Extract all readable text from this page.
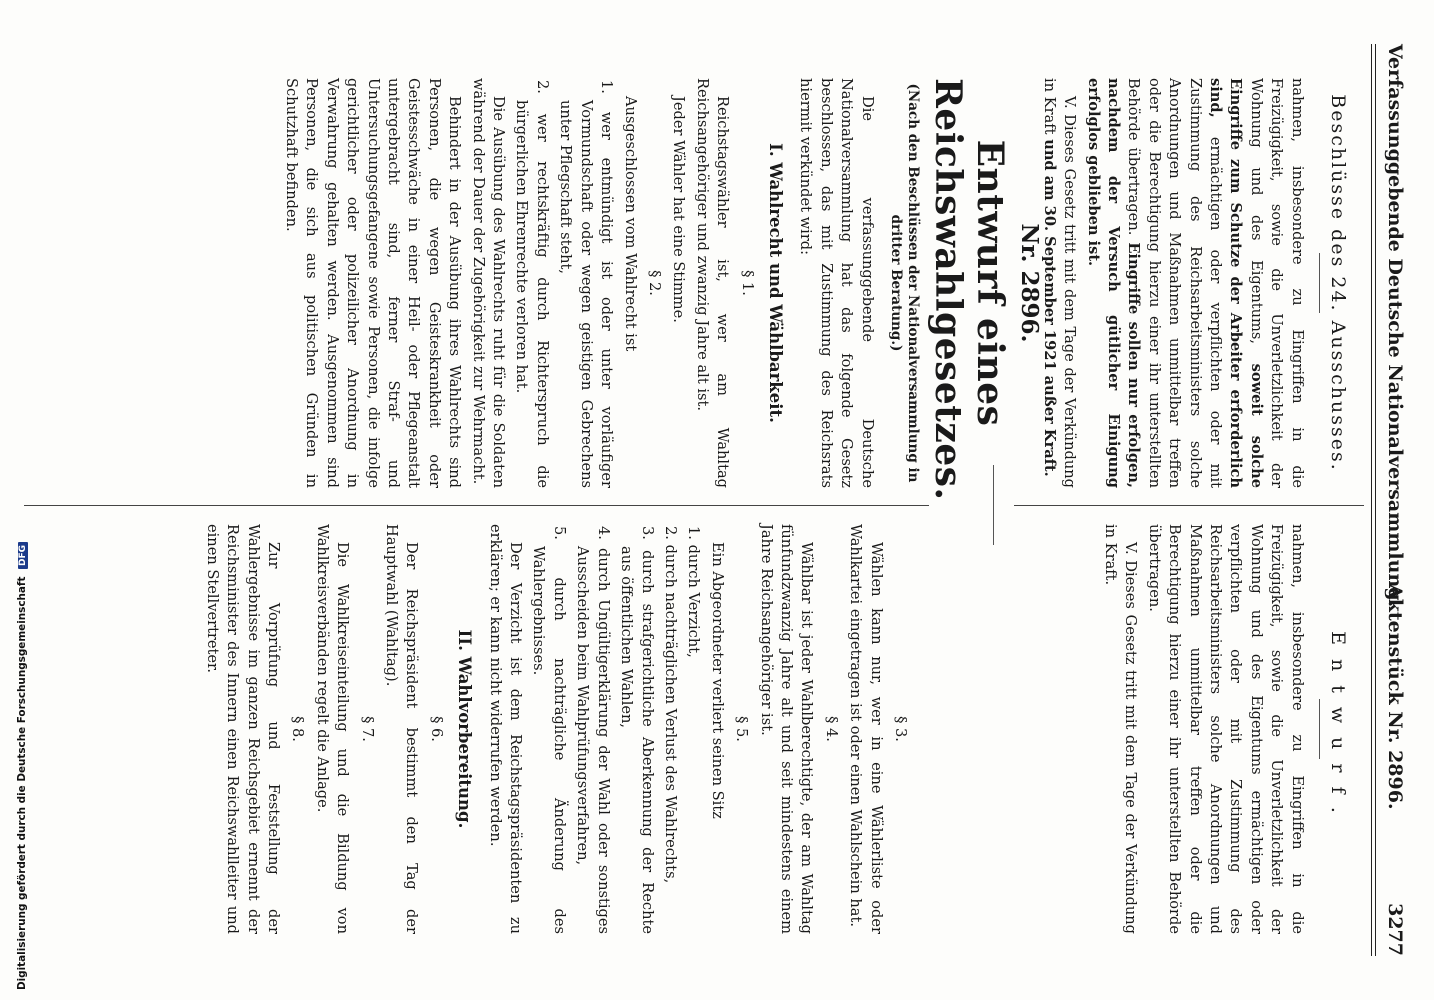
Verfassunggebende Deutsche Nationalversammlung.
Aktenstück Nr. 2896.
3277

Beschlüsse des 24. Ausschusses.

nahmen, insbesondere zu Eingriffen in die Freizügigkeit, sowie die Unverletzlichkeit der Wohnung und des Eigentums, soweit solche Eingriffe zum Schutze der Arbeiter erforderlich sind, ermächtigen oder verpflichten oder mit Zustimmung des Reichsarbeitsministers solche Anordnungen und Maßnahmen unmittelbar treffen oder die Berechtigung hierzu einer ihr unterstellten Behörde übertragen. Eingriffe sollen nur erfolgen, nachdem der Versuch gütlicher Einigung erfolglos geblieben ist.

V. Dieses Gesetz tritt mit dem Tage der Verkündung in Kraft und am 30. September 1921 außer Kraft.

Entwurf.

nahmen, insbesondere zu Eingriffen in die Freizügigkeit, sowie die Unverletzlichkeit der Wohnung und des Eigentums ermächtigen oder verpflichten oder mit Zustimmung des Reichsarbeitsministers solche Anordnungen und Maßnahmen unmittelbar treffen oder die Berechtigung hierzu einer ihr unterstellten Behörde übertragen.

V. Dieses Gesetz tritt mit dem Tage der Verkündung in Kraft.

Nr. 2896.

Entwurf eines Reichswahlgesetzes.

(Nach den Beschlüssen der Nationalversammlung in dritter Beratung.)

Die verfassunggebende Deutsche Nationalversammlung hat das folgende Gesetz beschlossen, das mit Zustimmung des Reichsrats hiermit verkündet wird:

I. Wahlrecht und Wählbarkeit.

§ 1.

Reichstagswähler ist, wer am Wahltag Reichsangehöriger und zwanzig Jahre alt ist.

Jeder Wähler hat eine Stimme.

§ 2.

Ausgeschlossen vom Wahlrecht ist

1. wer entmündigt ist oder unter vorläufiger Vormundschaft oder wegen geistigen Gebrechens unter Pflegschaft steht,

2. wer rechtskräftig durch Richterspruch die bürgerlichen Ehrenrechte verloren hat.

Die Ausübung des Wahlrechts ruht für die Soldaten während der Dauer der Zugehörigkeit zur Wehrmacht.

Behindert in der Ausübung ihres Wahlrechts sind Personen, die wegen Geisteskrankheit oder Geistesschwäche in einer Heil- oder Pflegeanstalt untergebracht sind, ferner Straf- und Untersuchungsgefangene sowie Personen, die infolge gerichtlicher oder polizeilicher Anordnung in Verwahrung gehalten werden. Ausgenommen sind Personen, die sich aus politischen Gründen in Schutzhaft befinden.

§ 3.

Wählen kann nur, wer in eine Wählerliste oder Wahlkartei eingetragen ist oder einen Wahlschein hat.

§ 4.

Wählbar ist jeder Wahlberechtigte, der am Wahltag fünfundzwanzig Jahre alt und seit mindestens einem Jahre Reichsangehöriger ist.

§ 5.

Ein Abgeordneter verliert seinen Sitz

1. durch Verzicht,

2. durch nachträglichen Verlust des Wahlrechts,

3. durch strafgerichtliche Aberkennung der Rechte aus öffentlichen Wahlen,

4. durch Ungültigerklärung der Wahl oder sonstiges Ausscheiden beim Wahlprüfungsverfahren,

5. durch nachträgliche Änderung des Wahlergebnisses.

Der Verzicht ist dem Reichstagspräsidenten zu erklären; er kann nicht widerrufen werden.

II. Wahlvorbereitung.

§ 6.

Der Reichspräsident bestimmt den Tag der Hauptwahl (Wahltag).

§ 7.

Die Wahlkreiseinteilung und die Bildung von Wahlkreisverbänden regelt die Anlage.

§ 8.

Zur Vorprüfung und Feststellung der Wahlergebnisse im ganzen Reichsgebiet ernennt der Reichsminister des Innern einen Reichswahlleiter und einen Stellvertreter.

Digitalisierung gefördert durch die Deutsche Forschungsgemeinschaft DFG
